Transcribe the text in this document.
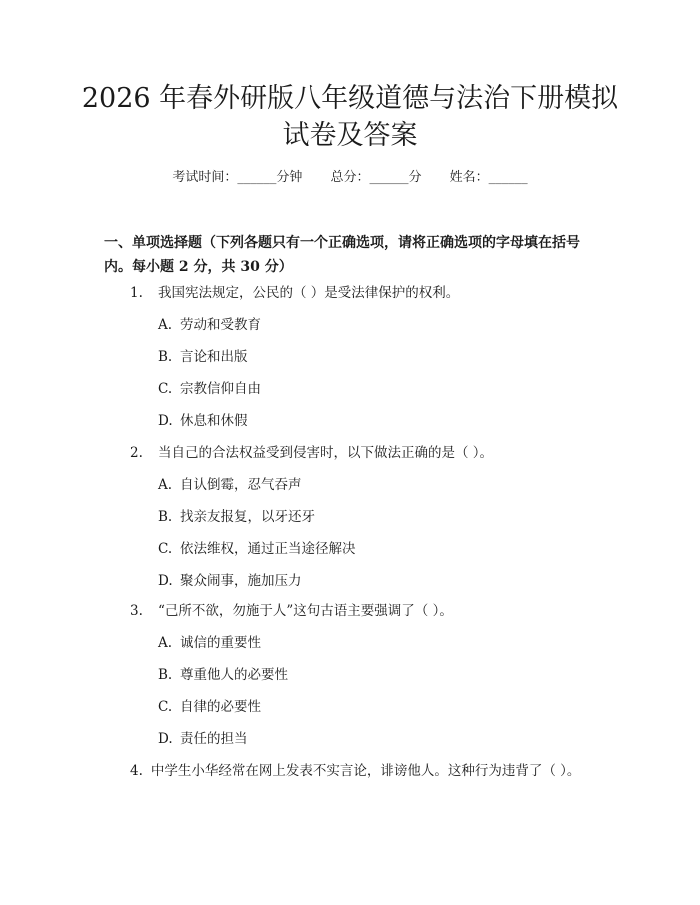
2026 年春外研版八年级道德与法治下册模拟
试卷及答案
考试时间：______分钟 总分：______分 姓名：______
一、单项选择题（下列各题只有一个正确选项，请将正确选项的字母填在括号内。每小题 2 分，共 30 分）
1. 我国宪法规定，公民的（ ）是受法律保护的权利。
A. 劳动和受教育
B. 言论和出版
C. 宗教信仰自由
D. 休息和休假
2. 当自己的合法权益受到侵害时，以下做法正确的是（ ）。
A. 自认倒霉，忍气吞声
B. 找亲友报复，以牙还牙
C. 依法维权，通过正当途径解决
D. 聚众闹事，施加压力
3. “己所不欲，勿施于人”这句古语主要强调了（ ）。
A. 诚信的重要性
B. 尊重他人的必要性
C. 自律的必要性
D. 责任的担当
4. 中学生小华经常在网上发表不实言论，诽谤他人。这种行为违背了（ ）。
